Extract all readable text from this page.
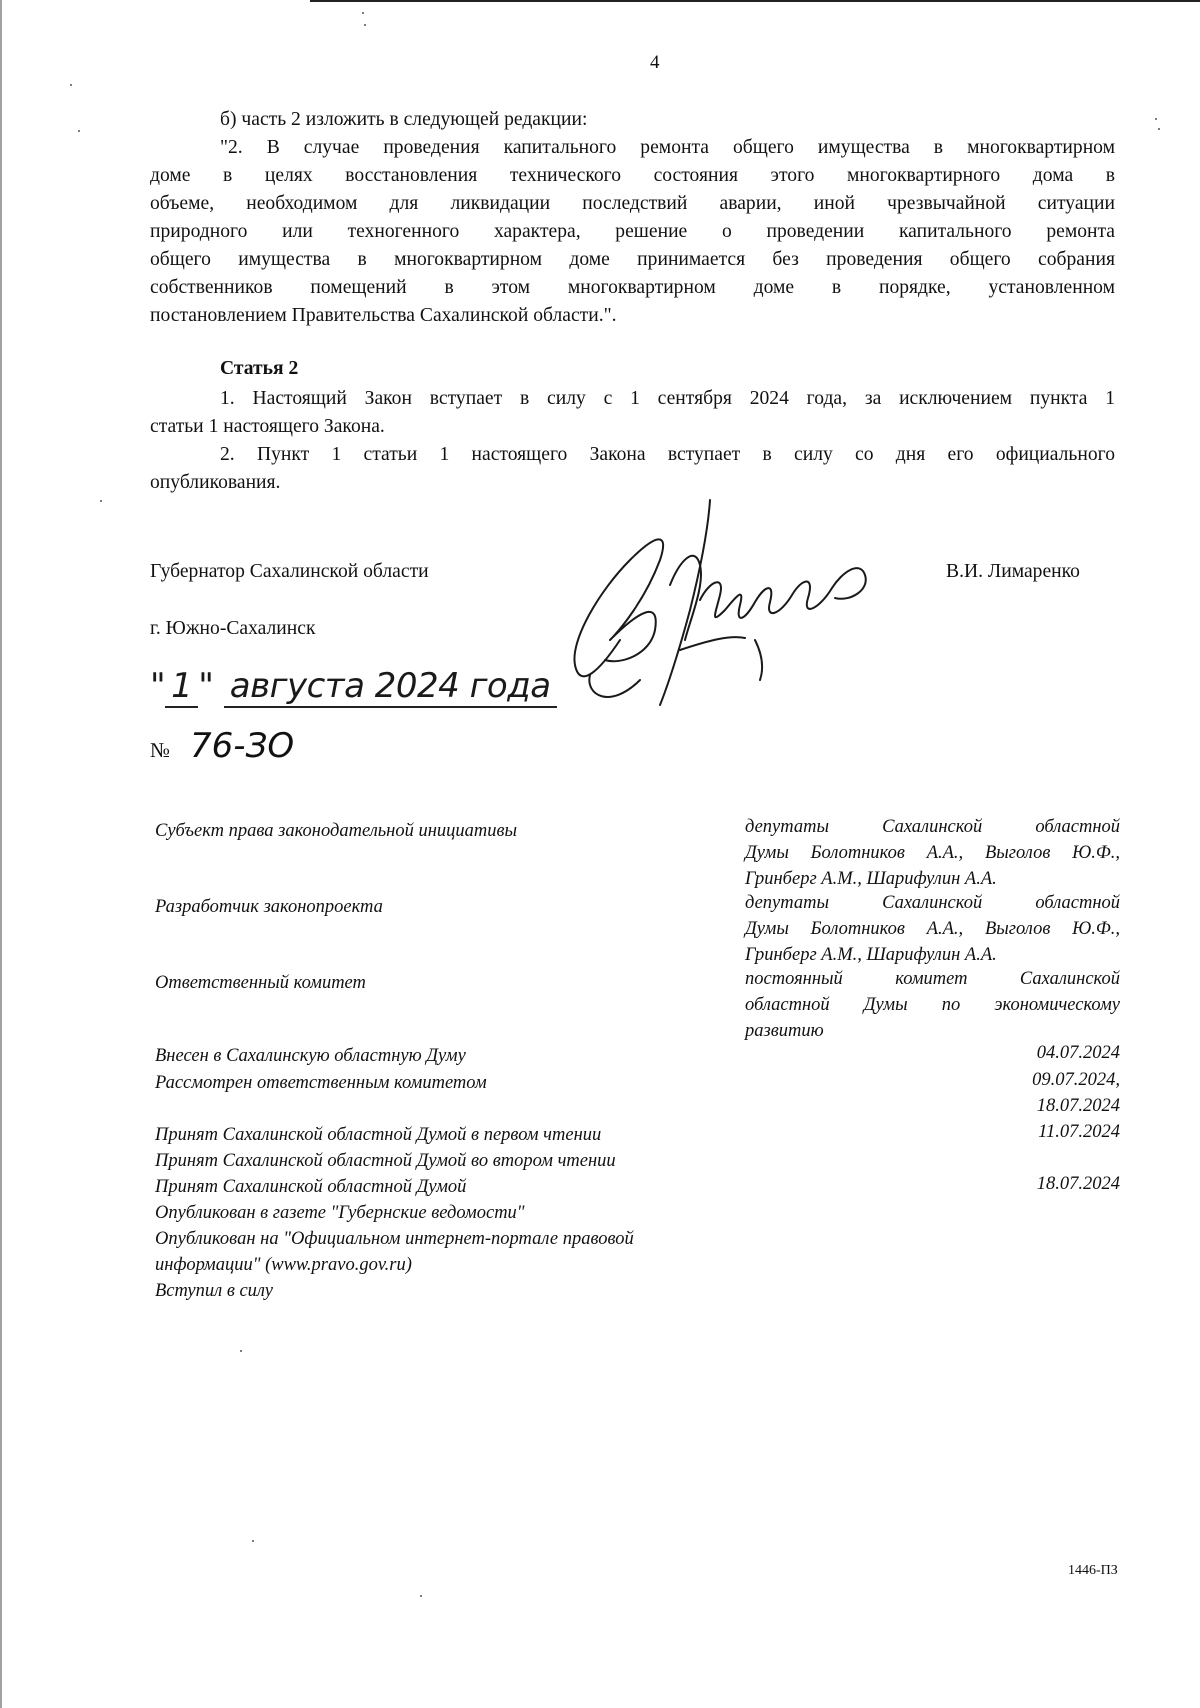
4
б) часть 2 изложить в следующей редакции:
"2. В случае проведения капитального ремонта общего имущества в многоквартирном
доме в целях восстановления технического состояния этого многоквартирного дома в
объеме, необходимом для ликвидации последствий аварии, иной чрезвычайной ситуации
природного или техногенного характера, решение о проведении капитального ремонта
общего имущества в многоквартирном доме принимается без проведения общего собрания
собственников помещений в этом многоквартирном доме в порядке, установленном
постановлением Правительства Сахалинской области.".
Статья 2
1. Настоящий Закон вступает в силу с 1 сентября 2024 года, за исключением пункта 1
статьи 1 настоящего Закона.
2. Пункт 1 статьи 1 настоящего Закона вступает в силу со дня его официального
опубликования.
Губернатор Сахалинской области	В.И. Лимаренко
г. Южно-Сахалинск
" 1 " августа 2024 года
№ 76-ЗО
Субъект права законодательной инициативы	депутаты Сахалинской областной
Думы Болотников А.А., Выголов Ю.Ф.,
Гринберг А.М., Шарифулин А.А.
Разработчик законопроекта	депутаты Сахалинской областной
Думы Болотников А.А., Выголов Ю.Ф.,
Гринберг А.М., Шарифулин А.А.
Ответственный комитет	постоянный комитет Сахалинской
областной Думы по экономическому
развитию
Внесен в Сахалинскую областную Думу	04.07.2024
Рассмотрен ответственным комитетом	09.07.2024,
18.07.2024
Принят Сахалинской областной Думой в первом чтении	11.07.2024
Принят Сахалинской областной Думой во втором чтении
Принят Сахалинской областной Думой	18.07.2024
Опубликован в газете "Губернские ведомости"
Опубликован на "Официальном интернет-портале правовой
информации" (www.pravo.gov.ru)
Вступил в силу
1446-ПЗ
